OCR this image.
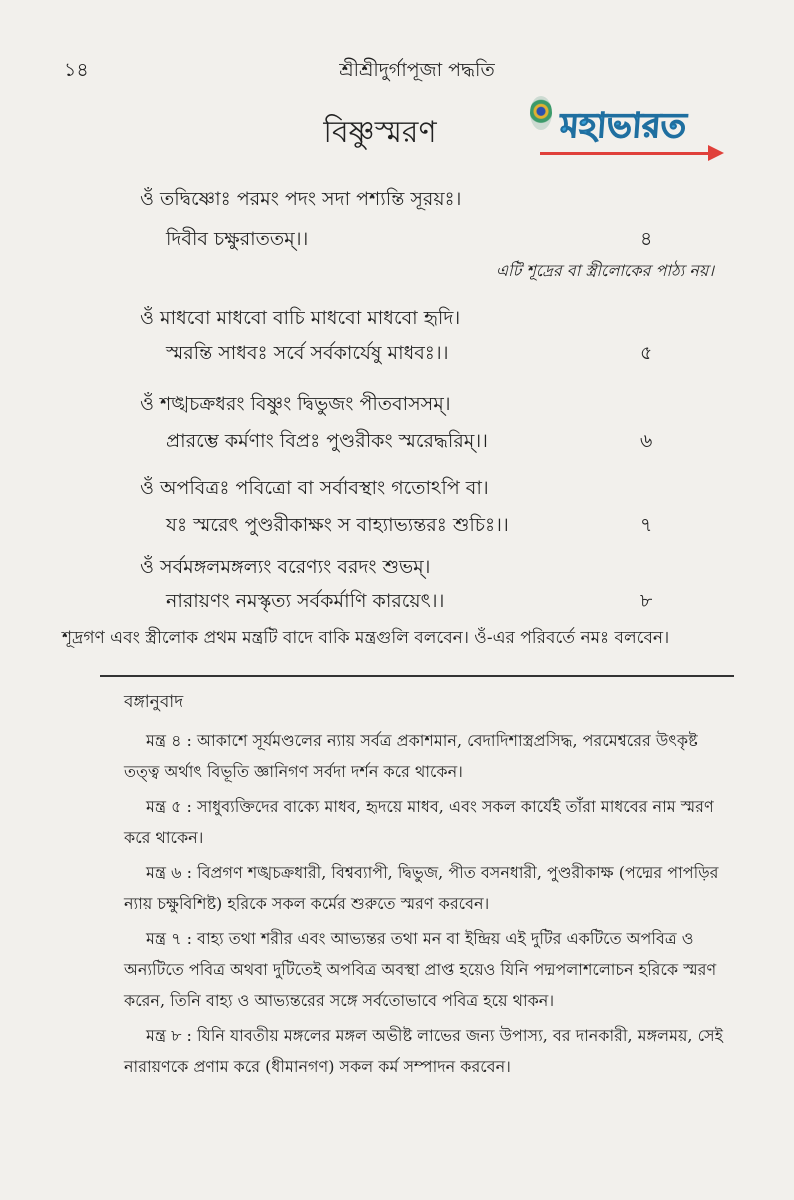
১৪	শ্রীশ্রীদুর্গাপূজা পদ্ধতি
বিষ্ণুস্মরণ	মহাভারত
ওঁ তদ্বিষ্ণোঃ পরমং পদং সদা পশ্যন্তি সূরয়ঃ।
দিবীব চক্ষুরাততম্।।	৪
এটি শূদ্রের বা স্ত্রীলোকের পাঠ্য নয়।
ওঁ মাধবো মাধবো বাচি মাধবো মাধবো হৃদি।
স্মরন্তি সাধবঃ সর্বে সর্বকার্যেষু মাধবঃ।।	৫
ওঁ শঙ্খচক্রধরং বিষ্ণুং দ্বিভুজং পীতবাসসম্।
প্রারম্ভে কর্মণাং বিপ্রঃ পুণ্ডরীকং স্মরেদ্ধরিম্।।	৬
ওঁ অপবিত্রঃ পবিত্রো বা সর্বাবস্থাং গতোঽপি বা।
যঃ স্মরেৎ পুণ্ডরীকাক্ষং স বাহ্যাভ্যন্তরঃ শুচিঃ।।	৭
ওঁ সর্বমঙ্গলমঙ্গল্যং বরেণ্যং বরদং শুভম্।
নারায়ণং নমস্কৃত্য সর্বকর্মাণি কারয়েৎ।।	৮

শূদ্রগণ এবং স্ত্রীলোক প্রথম মন্ত্রটি বাদে বাকি মন্ত্রগুলি বলবেন। ওঁ-এর পরিবর্তে নমঃ বলবেন।

বঙ্গানুবাদ
মন্ত্র ৪ : আকাশে সূর্যমণ্ডলের ন্যায় সর্বত্র প্রকাশমান, বেদাদিশাস্ত্রপ্রসিদ্ধ, পরমেশ্বরের উৎকৃষ্ট তত্ত্ব অর্থাৎ বিভূতি জ্ঞানিগণ সর্বদা দর্শন করে থাকেন।
মন্ত্র ৫ : সাধুব্যক্তিদের বাক্যে মাধব, হৃদয়ে মাধব, এবং সকল কার্যেই তাঁরা মাধবের নাম স্মরণ করে থাকেন।
মন্ত্র ৬ : বিপ্রগণ শঙ্খচক্রধারী, বিশ্বব্যাপী, দ্বিভুজ, পীত বসনধারী, পুণ্ডরীকাক্ষ (পদ্মের পাপড়ির ন্যায় চক্ষুবিশিষ্ট) হরিকে সকল কর্মের শুরুতে স্মরণ করবেন।
মন্ত্র ৭ : বাহ্য তথা শরীর এবং আভ্যন্তর তথা মন বা ইন্দ্রিয় এই দুটির একটিতে অপবিত্র ও অন্যটিতে পবিত্র অথবা দুটিতেই অপবিত্র অবস্থা প্রাপ্ত হয়েও যিনি পদ্মপলাশলোচন হরিকে স্মরণ করেন, তিনি বাহ্য ও আভ্যন্তরের সঙ্গে সর্বতোভাবে পবিত্র হয়ে থাকন।
মন্ত্র ৮ : যিনি যাবতীয় মঙ্গলের মঙ্গল অভীষ্ট লাভের জন্য উপাস্য, বর দানকারী, মঙ্গলময়, সেই নারায়ণকে প্রণাম করে (ধীমানগণ) সকল কর্ম সম্পাদন করবেন।
